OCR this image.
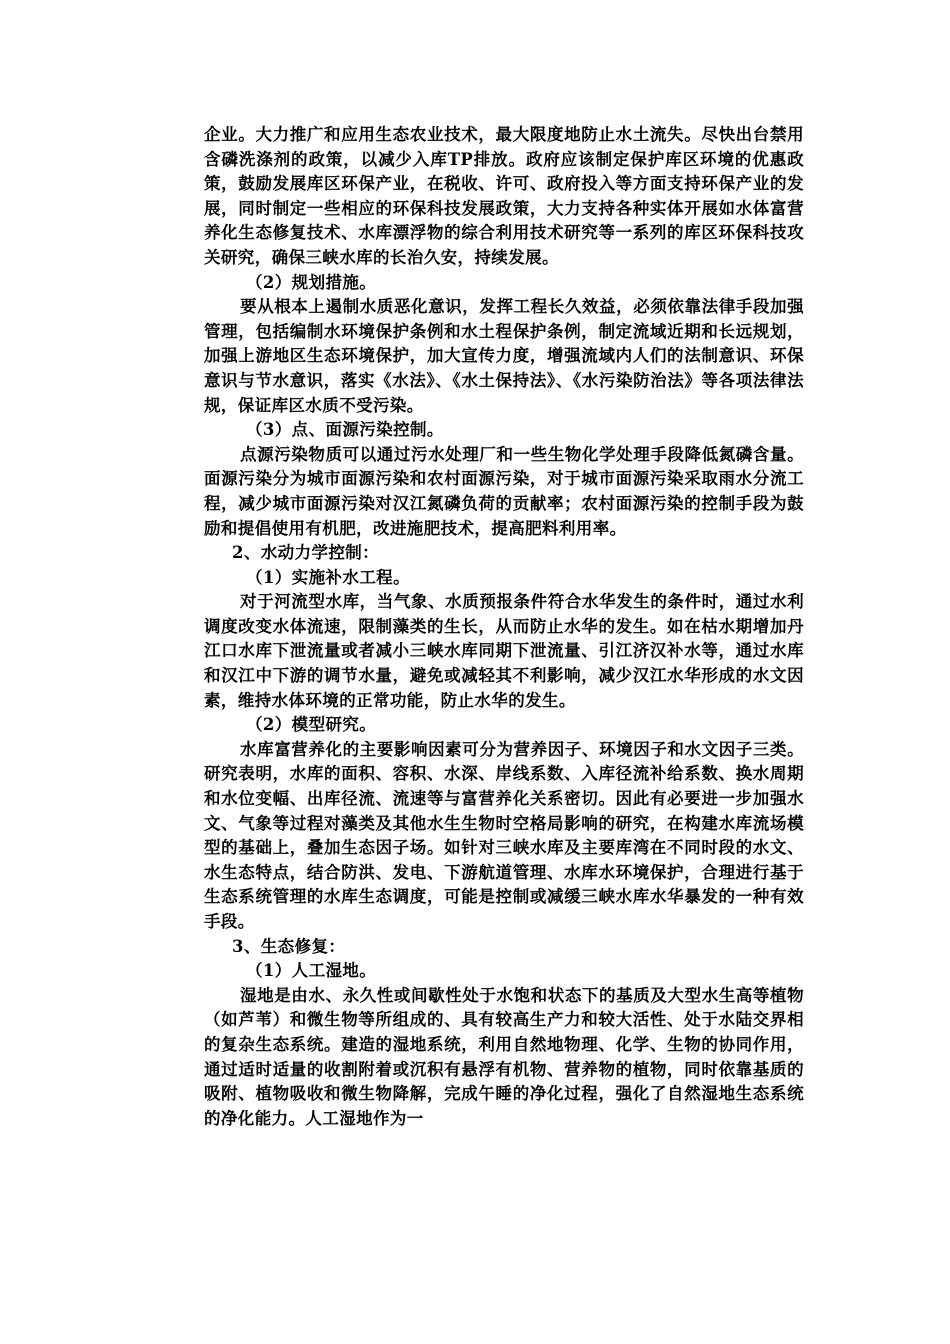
企业。大力推广和应用生态农业技术，最大限度地防止水土流失。尽快出台禁用含磷洗涤剂的政策，以减少入库TP排放。政府应该制定保护库区环境的优惠政策，鼓励发展库区环保产业，在税收、许可、政府投入等方面支持环保产业的发展，同时制定一些相应的环保科技发展政策，大力支持各种实体开展如水体富营养化生态修复技术、水库漂浮物的综合利用技术研究等一系列的库区环保科技攻关研究，确保三峡水库的长治久安，持续发展。

（2）规划措施。

要从根本上遏制水质恶化意识，发挥工程长久效益，必须依靠法律手段加强管理，包括编制水环境保护条例和水土程保护条例，制定流域近期和长远规划，加强上游地区生态环境保护，加大宣传力度，增强流域内人们的法制意识、环保意识与节水意识，落实《水法》、《水土保持法》、《水污染防治法》等各项法律法规，保证库区水质不受污染。

（3）点、面源污染控制。

点源污染物质可以通过污水处理厂和一些生物化学处理手段降低氮磷含量。面源污染分为城市面源污染和农村面源污染，对于城市面源污染采取雨水分流工程，减少城市面源污染对汉江氮磷负荷的贡献率；农村面源污染的控制手段为鼓励和提倡使用有机肥，改进施肥技术，提高肥料利用率。

2、水动力学控制：

（1）实施补水工程。

对于河流型水库，当气象、水质预报条件符合水华发生的条件时，通过水利调度改变水体流速，限制藻类的生长，从而防止水华的发生。如在枯水期增加丹江口水库下泄流量或者减小三峡水库同期下泄流量、引江济汉补水等，通过水库和汉江中下游的调节水量，避免或减轻其不利影响，减少汉江水华形成的水文因素，维持水体环境的正常功能，防止水华的发生。

（2）模型研究。

水库富营养化的主要影响因素可分为营养因子、环境因子和水文因子三类。研究表明，水库的面积、容积、水深、岸线系数、入库径流补给系数、换水周期和水位变幅、出库径流、流速等与富营养化关系密切。因此有必要进一步加强水文、气象等过程对藻类及其他水生生物时空格局影响的研究，在构建水库流场模型的基础上，叠加生态因子场。如针对三峡水库及主要库湾在不同时段的水文、水生态特点，结合防洪、发电、下游航道管理、水库水环境保护，合理进行基于生态系统管理的水库生态调度，可能是控制或减缓三峡水库水华暴发的一种有效手段。

3、生态修复：

（1）人工湿地。

湿地是由水、永久性或间歇性处于水饱和状态下的基质及大型水生高等植物（如芦苇）和微生物等所组成的、具有较高生产力和较大活性、处于水陆交界相的复杂生态系统。建造的湿地系统，利用自然地物理、化学、生物的协同作用，通过适时适量的收割附着或沉积有悬浮有机物、营养物的植物，同时依靠基质的吸附、植物吸收和微生物降解，完成午睡的净化过程，强化了自然湿地生态系统的净化能力。人工湿地作为一
